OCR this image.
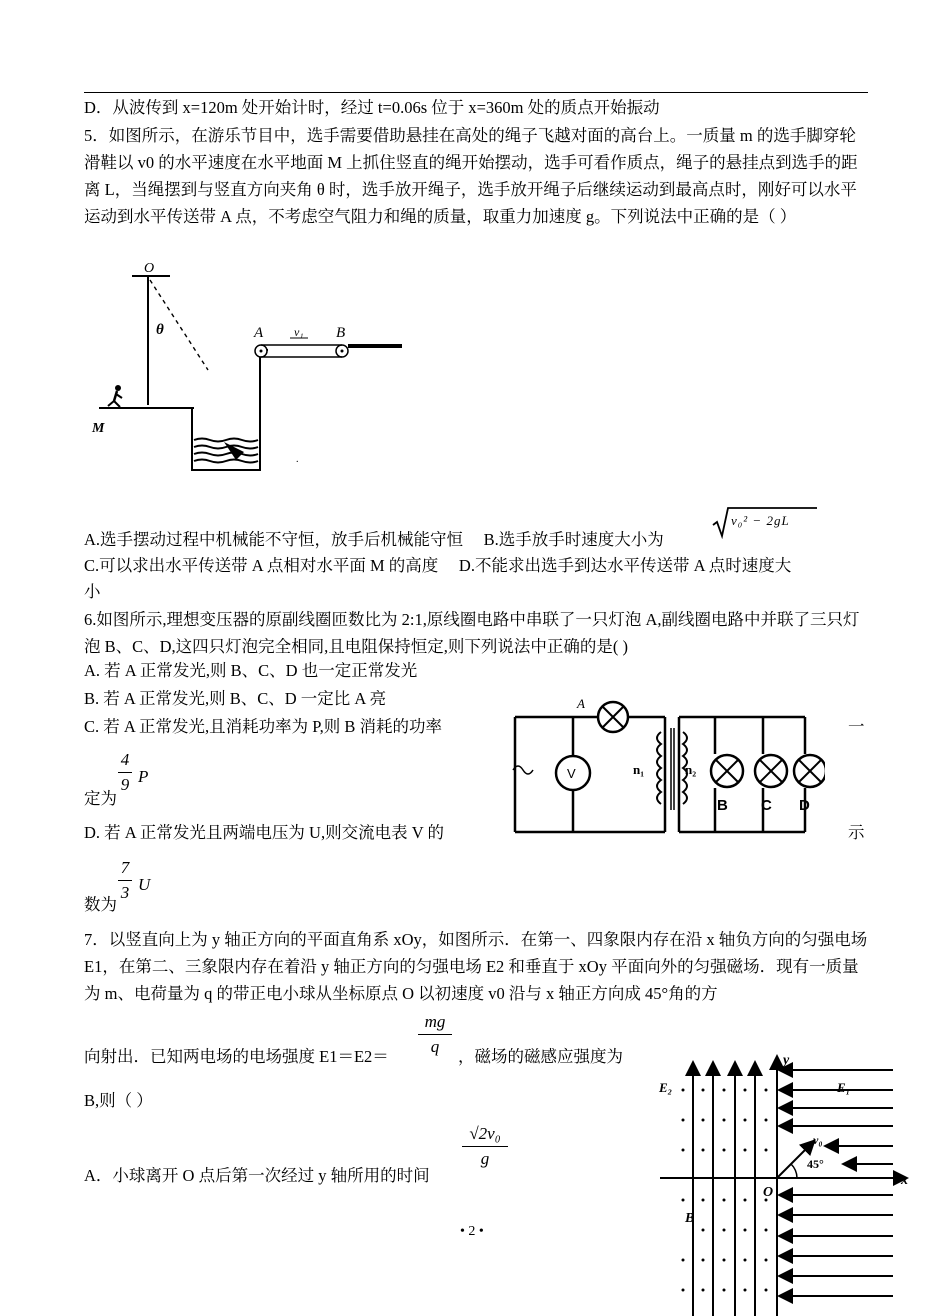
D．从波传到 x=120m 处开始计时，经过 t=0.06s 位于 x=360m 处的质点开始振动

5．如图所示，在游乐节目中，选手需要借助悬挂在高处的绳子飞越对面的高台上。一质量 m 的选手脚穿轮滑鞋以 v0 的水平速度在水平地面 M 上抓住竖直的绳开始摆动，选手可看作质点，绳子的悬挂点到选手的距离 L，当绳摆到与竖直方向夹角 θ 时，选手放开绳子，选手放开绳子后继续运动到最高点时，刚好可以水平运动到水平传送带 A 点，不考虑空气阻力和绳的质量，取重力加速度 g。下列说法中正确的是（ ）

O
θ
M
A	v₁ B
.
A.选手摆动过程中机械能不守恒，放手后机械能守恒　 B.选手放手时速度大小为
v₀² − 2gL
C.可以求出水平传送带 A 点相对水平面 M 的高度　 D.不能求出选手到达水平传送带 A 点时速度大
小

6.如图所示,理想变压器的原副线圈匝数比为 2:1,原线圈电路中串联了一只灯泡 A,副线圈电路中并联了三只灯泡 B、C、D,这四只灯泡完全相同,且电阻保持恒定,则下列说法中正确的是( )

A. 若 A 正常发光,则 B、C、D 也一定正常发光
B. 若 A 正常发光,则 B、C、D 一定比 A 亮
C. 若 A 正常发光,且消耗功率为 P,则 B 消耗的功率	一
4
9 P
定为
D. 若 A 正常发光且两端电压为 U,则交流电表 V 的	示
7
3 U
数为
A
V	n₁	n₂
B C D

7．以竖直向上为 y 轴正方向的平面直角系 xOy，如图所示．在第一、四象限内存在沿 x 轴负方向的匀强电场 E1，在第二、三象限内存在着沿 y 轴正方向的匀强电场 E2 和垂直于 xOy 平面向外的匀强磁场．现有一质量为 m、电荷量为 q 的带正电小球从坐标原点 O 以初速度 v0 沿与 x 轴正方向成 45°角的方

mg
q
向射出．已知两电场的电场强度 E1＝E2＝	，磁场的磁感应强度为
B,则（ ）
√2v₀
g
A．小球离开 O 点后第一次经过 y 轴所用的时间	x
y
E₂
B
E₁
v₀
45°
O
• 2 •
